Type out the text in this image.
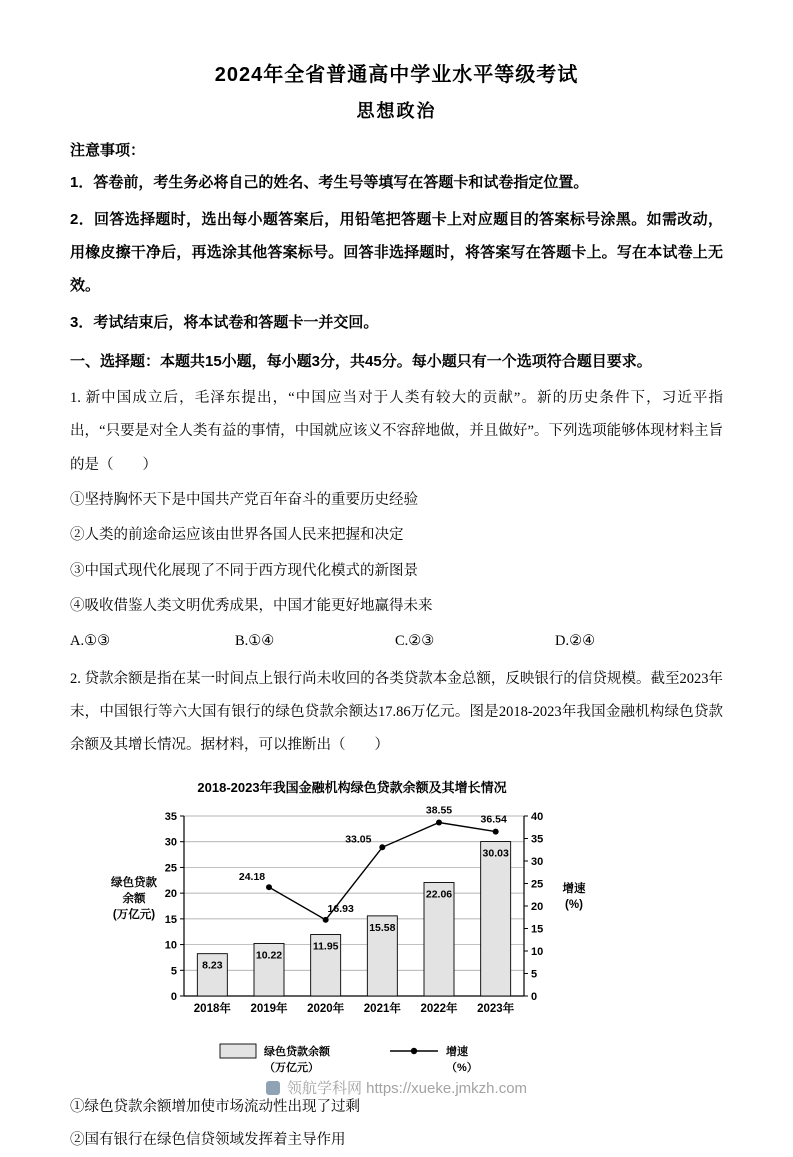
2024年全省普通高中学业水平等级考试
思想政治

注意事项：

1．答卷前，考生务必将自己的姓名、考生号等填写在答题卡和试卷指定位置。

2．回答选择题时，选出每小题答案后，用铅笔把答题卡上对应题目的答案标号涂黑。如需改动，用橡皮擦干净后，再选涂其他答案标号。回答非选择题时，将答案写在答题卡上。写在本试卷上无效。

3．考试结束后，将本试卷和答题卡一并交回。

一、选择题：本题共15小题，每小题3分，共45分。每小题只有一个选项符合题目要求。

1. 新中国成立后，毛泽东提出，“中国应当对于人类有较大的贡献”。新的历史条件下，习近平指出，“只要是对全人类有益的事情，中国就应该义不容辞地做，并且做好”。下列选项能够体现材料主旨的是（　　）

①坚持胸怀天下是中国共产党百年奋斗的重要历史经验

②人类的前途命运应该由世界各国人民来把握和决定

③中国式现代化展现了不同于西方现代化模式的新图景

④吸收借鉴人类文明优秀成果，中国才能更好地赢得未来

A.①③	B.①④	C.②③	D.②④

2. 贷款余额是指在某一时间点上银行尚未收回的各类贷款本金总额，反映银行的信贷规模。截至2023年末，中国银行等六大国有银行的绿色贷款余额达17.86万亿元。图是2018-2023年我国金融机构绿色贷款余额及其增长情况。据材料，可以推断出（　　）

2018-2023年我国金融机构绿色贷款余额及其增长情况
0
5
10
15
20
25
30
35
0
5
10
15
20
25
30
35
40
2018年 2019年 2020年 2021年 2022年 2023年
8.23
10.22
11.95
15.58
22.06
30.03
24.18
16.93
33.05
38.55
36.54
绿色贷款
余额
(万亿元)
增速
(%)
绿色贷款余额
（万亿元）
增速
（%）

①绿色贷款余额增加使市场流动性出现了过剩

②国有银行在绿色信贷领域发挥着主导作用

领航学科网 https://xueke.jmkzh.com
